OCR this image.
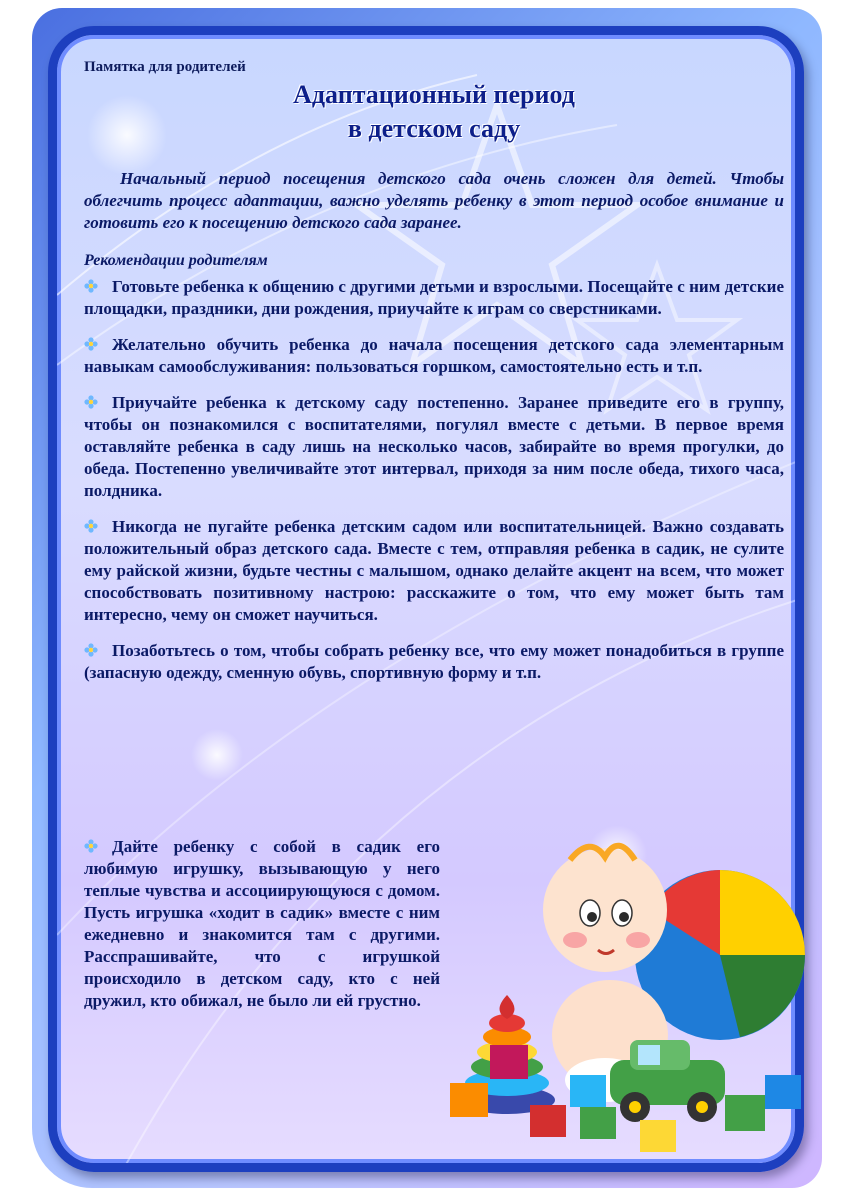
Памятка для родителей

Адаптационный период
в детском саду

Начальный период посещения детского сада очень сложен для детей. Чтобы облегчить процесс адаптации, важно уделять ребенку в этот период особое внимание и готовить его к посещению детского сада заранее.

Рекомендации родителям

Готовьте ребенка к общению с другими детьми и взрослыми. Посещайте с ним детские площадки, праздники, дни рождения, приучайте к играм со сверстниками.

Желательно обучить ребенка до начала посещения детского сада элементарным навыкам самообслуживания: пользоваться горшком, самостоятельно есть и т.п.

Приучайте ребенка к детскому саду постепенно. Заранее приведите его в группу, чтобы он познакомился с воспитателями, погулял вместе с детьми. В первое время оставляйте ребенка в саду лишь на несколько часов, забирайте во время прогулки, до обеда. Постепенно увеличивайте этот интервал, приходя за ним после обеда, тихого часа, полдника.

Никогда не пугайте ребенка детским садом или воспитательницей. Важно создавать положительный образ детского сада. Вместе с тем, отправляя ребенка в садик, не сулите ему райской жизни, будьте честны с малышом, однако делайте акцент на всем, что может способствовать позитивному настрою: расскажите о том, что ему может быть там интересно, чему он сможет научиться.

Позаботьтесь о том, чтобы собрать ребенку все, что ему может понадобиться в группе (запасную одежду, сменную обувь, спортивную форму и т.п.

Дайте ребенку с собой в садик его любимую игрушку, вызывающую у него теплые чувства и ассоциирующуюся с домом. Пусть игрушка «ходит в садик» вместе с ним ежедневно и знакомится там с другими. Расспрашивайте, что с игрушкой происходило в детском саду, кто с ней дружил, кто обижал, не было ли ей грустно.
